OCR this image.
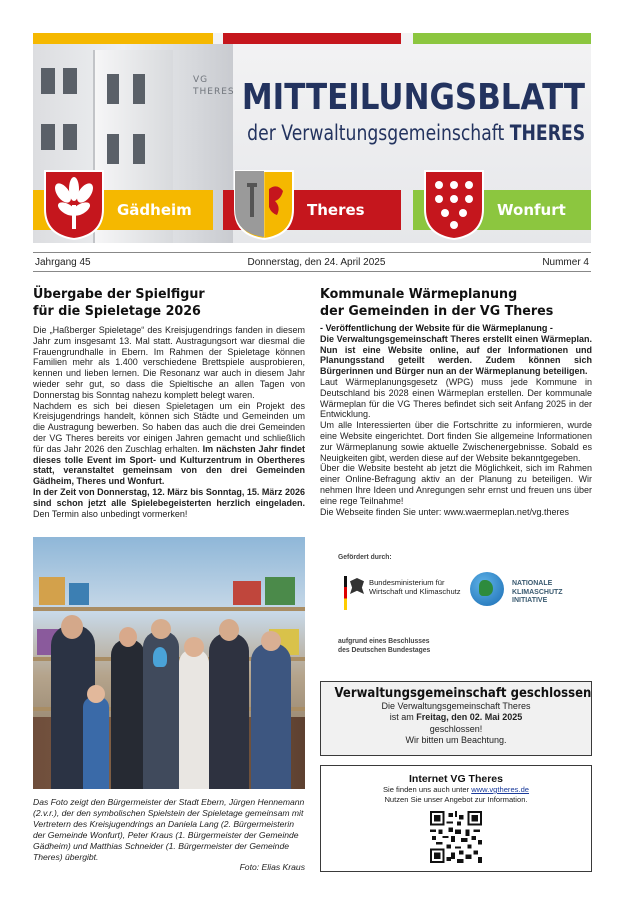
VG THERES MITTEILUNGSBLATT
der Verwaltungsgemeinschaft THERES
Gädheim	Theres	Wonfurt
Jahrgang 45	Donnerstag, den 24. April 2025	Nummer 4
Übergabe der Spielfigur
für die Spieletage 2026

Die „Haßberger Spieletage“ des Kreisjugendrings fanden in diesem Jahr zum insgesamt 13. Mal statt. Austragungsort war diesmal die Frauengrundhalle in Ebern. Im Rahmen der Spieletage können Familien mehr als 1.400 verschiedene Brettspiele ausprobieren, kennen und lieben lernen. Die Resonanz war auch in diesem Jahr wieder sehr gut, so dass die Spieltische an allen Tagen von Donnerstag bis Sonntag nahezu komplett belegt waren.

Nachdem es sich bei diesen Spieletagen um ein Projekt des Kreisjugendrings handelt, können sich Städte und Gemeinden um die Austragung bewerben. So haben das auch die drei Gemeinden der VG Theres bereits vor einigen Jahren gemacht und schließlich für das Jahr 2026 den Zuschlag erhalten. Im nächsten Jahr findet dieses tolle Event im Sport- und Kulturzentrum in Obertheres statt, veranstaltet gemeinsam von den drei Gemeinden Gädheim, Theres und Wonfurt.

In der Zeit von Donnerstag, 12. März bis Sonntag, 15. März 2026 sind schon jetzt alle Spielebegeisterten herzlich eingeladen. Den Termin also unbedingt vormerken!

Das Foto zeigt den Bürgermeister der Stadt Ebern, Jürgen Hennemann (2.v.r.), der den symbolischen Spielstein der Spieletage gemeinsam mit Vertretern des Kreisjugendrings an Daniela Lang (2. Bürgermeisterin der Gemeinde Wonfurt), Peter Kraus (1. Bürgermeister der Gemeinde Gädheim) und Matthias Schneider (1. Bürgermeister der Gemeinde Theres) übergibt.
Foto: Elias Kraus
Kommunale Wärmeplanung
der Gemeinden in der VG Theres

- Veröffentlichung der Website für die Wärmeplanung -

Die Verwaltungsgemeinschaft Theres erstellt einen Wärmeplan. Nun ist eine Website online, auf der Informationen und Planungsstand geteilt werden. Zudem können sich Bürgerinnen und Bürger nun an der Wärmeplanung beteiligen.

Laut Wärmeplanungsgesetz (WPG) muss jede Kommune in Deutschland bis 2028 einen Wärmeplan erstellen. Der kommunale Wärmeplan für die VG Theres befindet sich seit Anfang 2025 in der Entwicklung.

Um alle Interessierten über die Fortschritte zu informieren, wurde eine Website eingerichtet. Dort finden Sie allgemeine Informationen zur Wärmeplanung sowie aktuelle Zwischenergebnisse. Sobald es Neuigkeiten gibt, werden diese auf der Website bekanntgegeben.

Über die Website besteht ab jetzt die Möglichkeit, sich im Rahmen einer Online-Befragung aktiv an der Planung zu beteiligen. Wir nehmen Ihre Ideen und Anregungen sehr ernst und freuen uns über eine rege Teilnahme!

Die Webseite finden Sie unter: www.waermeplan.net/vg.theres

Gefördert durch:
Bundesministerium für Wirtschaft und Klimaschutz
NATIONALE KLIMASCHUTZ INITIATIVE
aufgrund eines Beschlusses
des Deutschen Bundestages
Verwaltungsgemeinschaft geschlossen
Die Verwaltungsgemeinschaft Theres
ist am Freitag, den 02. Mai 2025
geschlossen!
Wir bitten um Beachtung.
Internet VG Theres
Sie finden uns auch unter www.vgtheres.de
Nutzen Sie unser Angebot zur Information.
